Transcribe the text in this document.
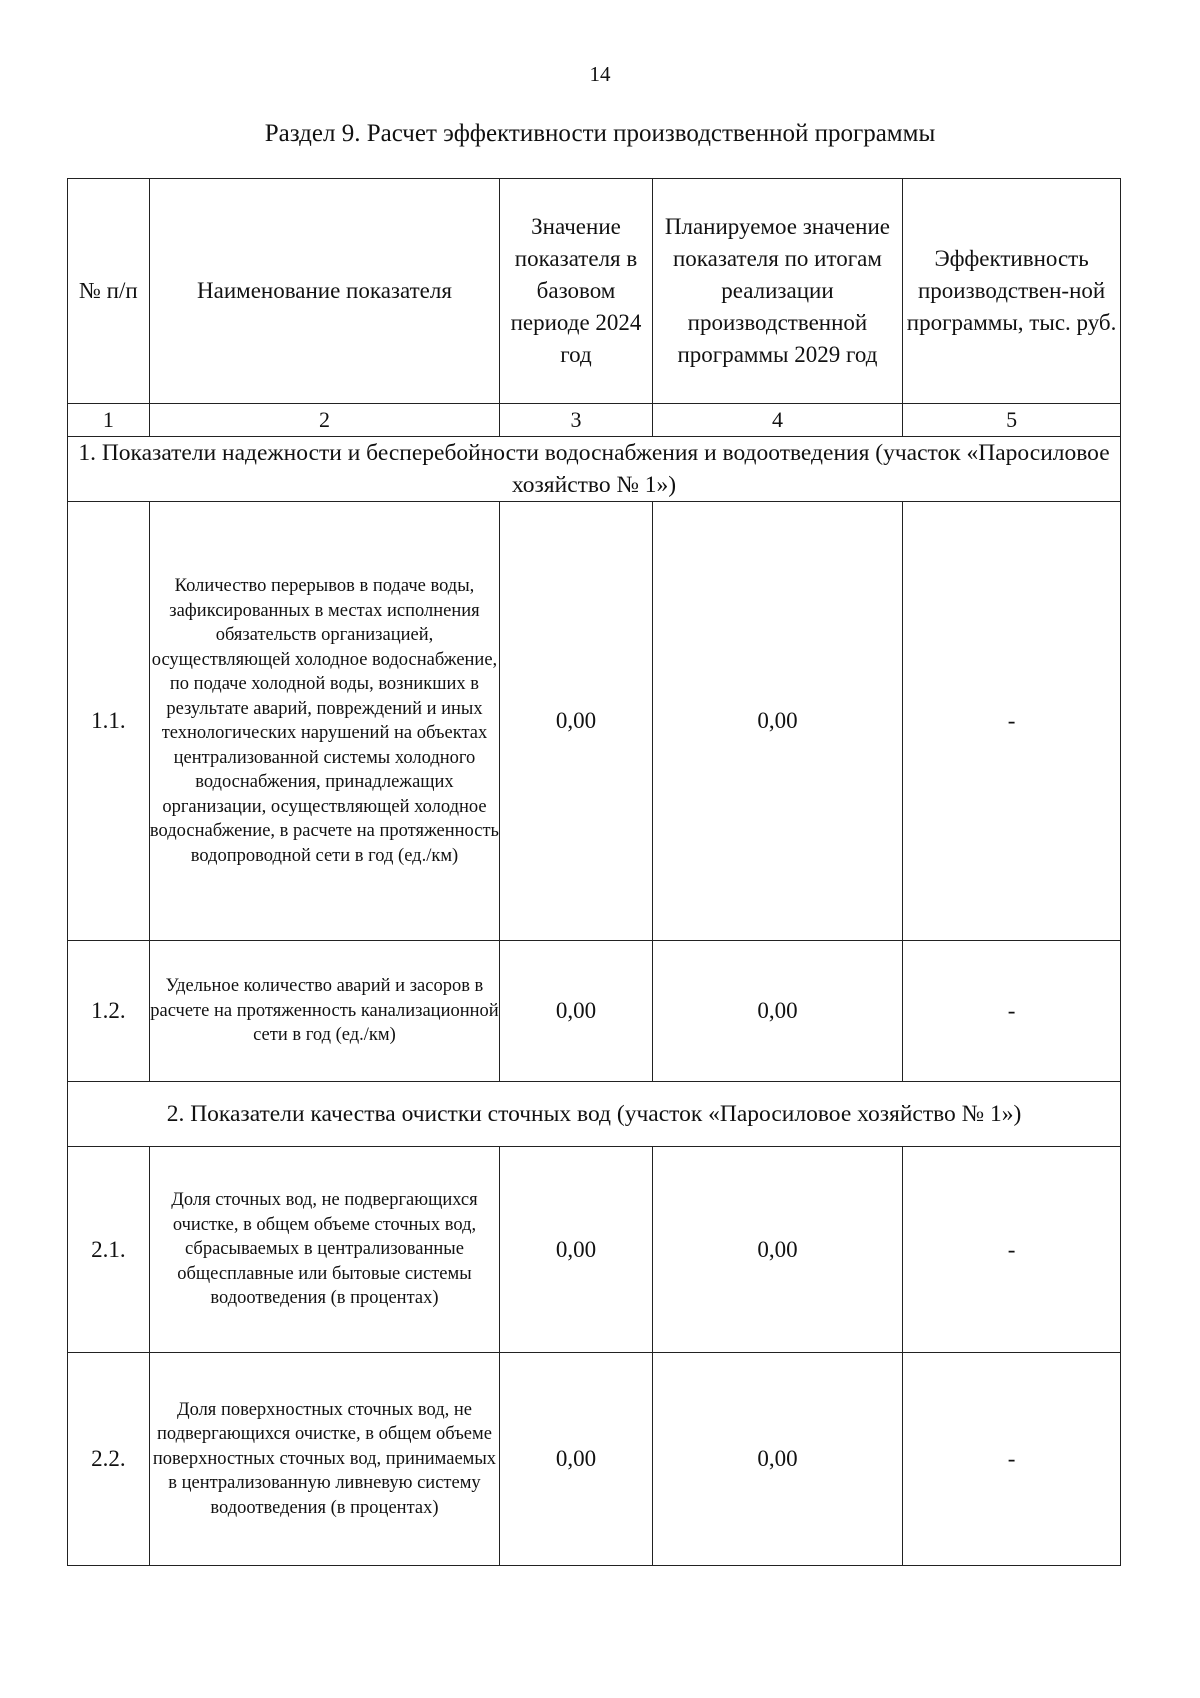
14
Раздел 9. Расчет эффективности производственной программы
№ п/п	Наименование показателя	Значение показателя в базовом периоде 2024 год	Планируемое значение показателя по итогам реализации производственной программы 2029 год	Эффективность производствен-ной программы, тыс. руб.
1	2	3	4	5
1. Показатели надежности и бесперебойности водоснабжения и водоотведения (участок «Паросиловое хозяйство № 1»)				
1.1.	Количество перерывов в подаче воды, зафиксированных в местах исполнения обязательств организацией, осуществляющей холодное водоснабжение, по подаче холодной воды, возникших в результате аварий, повреждений и иных технологических нарушений на объектах централизованной системы холодного водоснабжения, принадлежащих организации, осуществляющей холодное водоснабжение, в расчете на протяженность водопроводной сети в год (ед./км)	0,00	0,00	-
1.2.	Удельное количество аварий и засоров в расчете на протяженность канализационной сети в год (ед./км)	0,00	0,00	-
2. Показатели качества очистки сточных вод (участок «Паросиловое хозяйство № 1»)				
2.1.	Доля сточных вод, не подвергающихся очистке, в общем объеме сточных вод, сбрасываемых в централизованные общесплавные или бытовые системы водоотведения (в процентах)	0,00	0,00	-
2.2.	Доля поверхностных сточных вод, не подвергающихся очистке, в общем объеме поверхностных сточных вод, принимаемых в централизованную ливневую систему водоотведения (в процентах)	0,00	0,00	-
